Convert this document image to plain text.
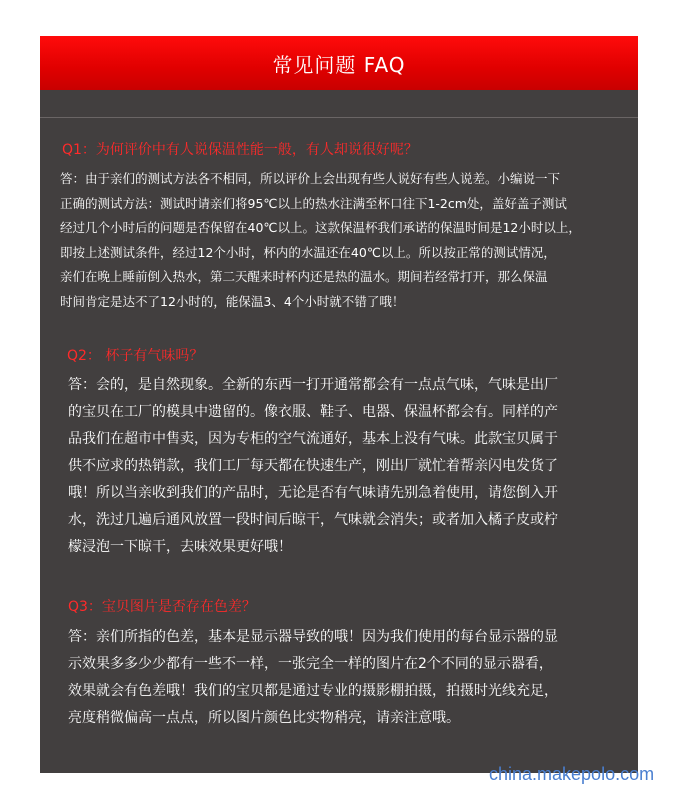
常见问题 FAQ
Q1：为何评价中有人说保温性能一般，有人却说很好呢？
答：由于亲们的测试方法各不相同，所以评价上会出现有些人说好有些人说差。小编说一下
正确的测试方法：测试时请亲们将95℃以上的热水注满至杯口往下1-2cm处，盖好盖子测试
经过几个小时后的问题是否保留在40℃以上。这款保温杯我们承诺的保温时间是12小时以上，
即按上述测试条件，经过12个小时，杯内的水温还在40℃以上。所以按正常的测试情况，
亲们在晚上睡前倒入热水，第二天醒来时杯内还是热的温水。期间若经常打开，那么保温
时间肯定是达不了12小时的，能保温3、4个小时就不错了哦！
Q2： 杯子有气味吗？
答：会的，是自然现象。全新的东西一打开通常都会有一点点气味，气味是出厂
的宝贝在工厂的模具中遗留的。像衣服、鞋子、电器、保温杯都会有。同样的产
品我们在超市中售卖，因为专柜的空气流通好，基本上没有气味。此款宝贝属于
供不应求的热销款，我们工厂每天都在快速生产，刚出厂就忙着帮亲闪电发货了
哦！所以当亲收到我们的产品时，无论是否有气味请先别急着使用，请您倒入开
水，洗过几遍后通风放置一段时间后晾干，气味就会消失；或者加入橘子皮或柠
檬浸泡一下晾干，去味效果更好哦！
Q3：宝贝图片是否存在色差？
答：亲们所指的色差，基本是显示器导致的哦！因为我们使用的每台显示器的显
示效果多多少少都有一些不一样，一张完全一样的图片在2个不同的显示器看，
效果就会有色差哦！我们的宝贝都是通过专业的摄影棚拍摄，拍摄时光线充足，
亮度稍微偏高一点点，所以图片颜色比实物稍亮，请亲注意哦。
china.makepolo.com
